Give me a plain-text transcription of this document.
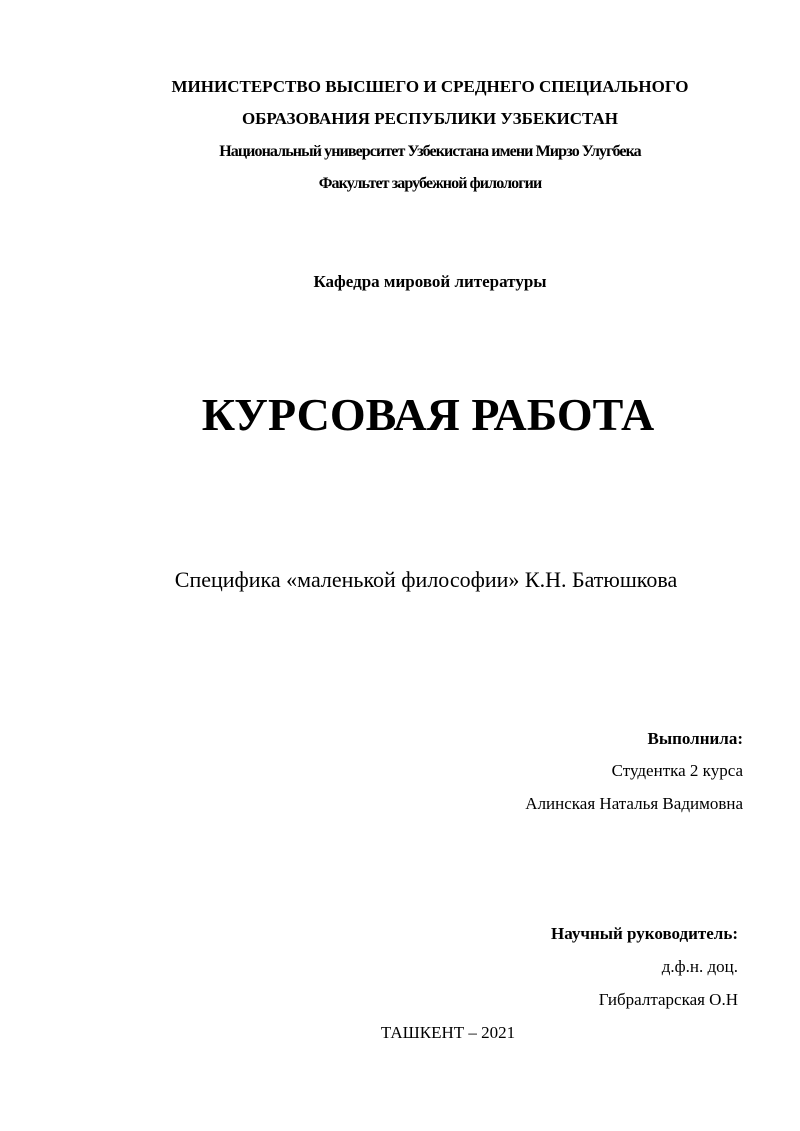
МИНИСТЕРСТВО ВЫСШЕГО И СРЕДНЕГО СПЕЦИАЛЬНОГО
ОБРАЗОВАНИЯ РЕСПУБЛИКИ УЗБЕКИСТАН
Национальный университет Узбекистана имени Мирзо Улугбека
Факультет зарубежной филологии
Кафедра мировой литературы
КУРСОВАЯ РАБОТА
Специфика «маленькой философии» К.Н. Батюшкова
Выполнила:
Студентка 2 курса
Алинская Наталья Вадимовна
Научный руководитель:
д.ф.н. доц.
Гибралтарская О.Н
ТАШКЕНТ – 2021
